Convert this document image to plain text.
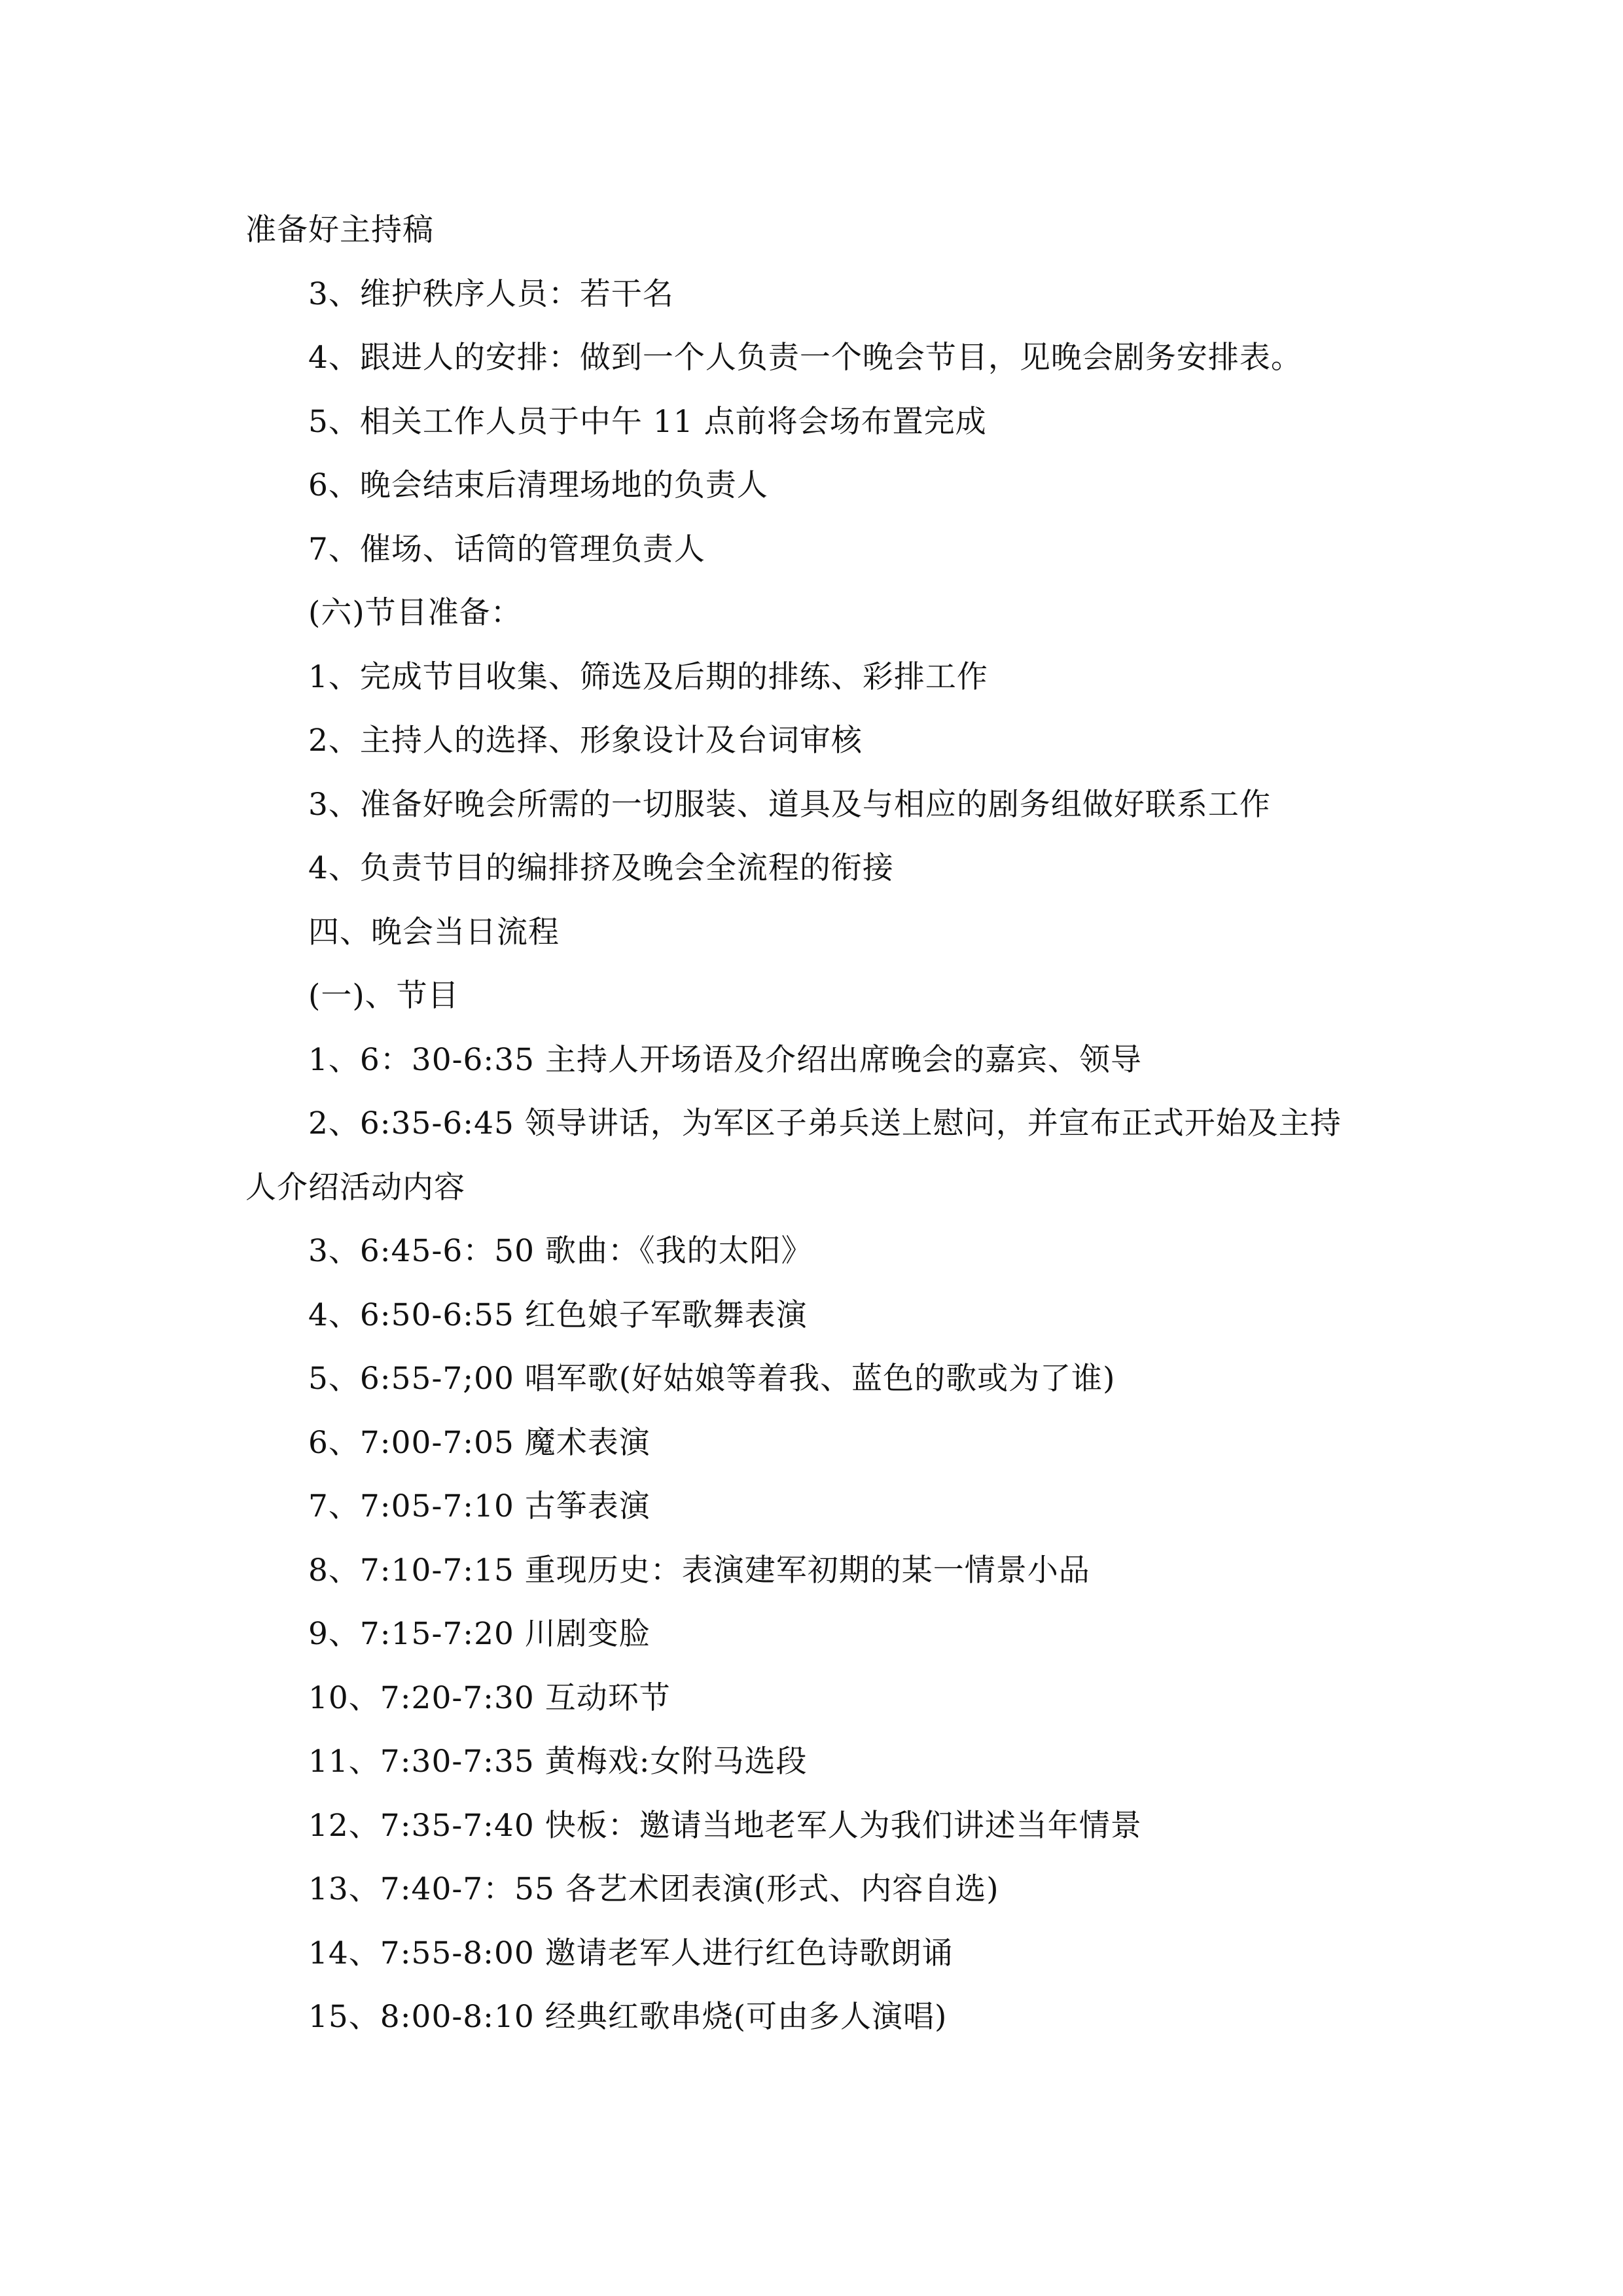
准备好主持稿
3、维护秩序人员：若干名
4、跟进人的安排：做到一个人负责一个晚会节目，见晚会剧务安排表。
5、相关工作人员于中午 11 点前将会场布置完成
6、晚会结束后清理场地的负责人
7、催场、话筒的管理负责人
(六)节目准备：
1、完成节目收集、筛选及后期的排练、彩排工作
2、主持人的选择、形象设计及台词审核
3、准备好晚会所需的一切服装、道具及与相应的剧务组做好联系工作
4、负责节目的编排挤及晚会全流程的衔接
四、晚会当日流程
(一)、节目
1、6：30-6:35 主持人开场语及介绍出席晚会的嘉宾、领导
2、6:35-6:45 领导讲话，为军区子弟兵送上慰问，并宣布正式开始及主持
人介绍活动内容
3、6:45-6：50 歌曲：《我的太阳》
4、6:50-6:55 红色娘子军歌舞表演
5、6:55-7;00 唱军歌(好姑娘等着我、蓝色的歌或为了谁)
6、7:00-7:05 魔术表演
7、7:05-7:10 古筝表演
8、7:10-7:15 重现历史：表演建军初期的某一情景小品
9、7:15-7:20 川剧变脸
10、7:20-7:30 互动环节
11、7:30-7:35 黄梅戏:女附马选段
12、7:35-7:40 快板：邀请当地老军人为我们讲述当年情景
13、7:40-7：55 各艺术团表演(形式、内容自选)
14、7:55-8:00 邀请老军人进行红色诗歌朗诵
15、8:00-8:10 经典红歌串烧(可由多人演唱)
